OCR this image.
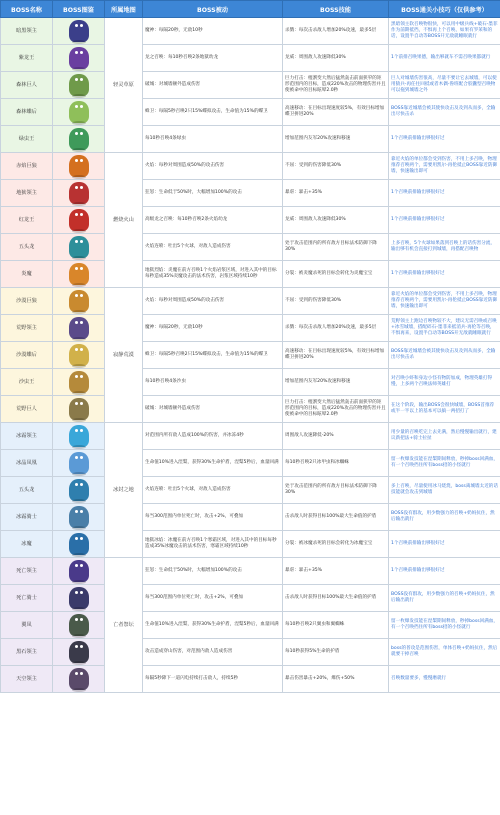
BOSS名称	BOSS图鉴	所属地图	BOSS被动	BOSS技能	BOSS通关小技巧（仅供参考）
暗黑领主		轻灵草原	魔神：每隔20秒，无敌10秒	杀戮：每次击杀敌人增加20%攻速，最多5层	黑暗领主软召唤物很快，可以用中级兵线+破石-墨菲作为前期抵挡，不惧再上个召唤、如果有罗莱和的话，设置半自动等BOSS开无敌就睡眠就行
紫龙王			龙之召唤：每10秒召唤2条地狱幼龙	龙威：周围敌人攻速降低30%	1个前排召唤果德，输出够就车不需召唤果都就行
森林巨人			破城：对城墙额外造成伤害	巨力打击：棍割变大然后猛然轰击前面狭窄的矩形范围内的目标，造成220%攻击的物理伤害并且使被命中的目标眩晕2.0秒	巨人对城墙伤害很高，尽量不要让它去城墙，可以使用猿兵-再任往回抵或者木偶-鲁班配合胶囊型召唤物可以拖到城墙之外
森林蝶后			蜂卫：每隔5秒召唤2只15%蝶拟攻击，生命值为15%的蝶卫	高速移动：在目标出现速度较5%，有效目标增加蝶卫拼进20%	BOSS靠近城墙会被其使快攻击及及到从而多，全输出尽快击杀
绿虫王			每10秒召唤4条绿虫	增加范围内友军20%攻速和移速	1个召唤前排输出够很好过
赤焰巨狼		燃烧火山	火焰：每秒对周围造成50%的攻击伤害	不屈：受到的伤害降低30%	靠近火焰的单位都会受到伤害，不用上多召唤，物理推荐召唤两个，需要用凯尔-再伦抵止BOSS靠近防御墙，快速输出即可
地狱领主			狂怒：生命低于50%时，大幅增加100%的攻击	暴虐：暴击+35%	1个召唤前排输出够很好过
红龙王			高级龙之召唤：每10秒召唤2条火焰幼龙	龙威：周围敌人攻速降低30%	1个召唤前排输出够很好过
五头龙			火焰连喷：吐出5个火球，对敌人造成伤害	处于攻击范围内的所有敌方目标法术防御下降30%	上多召唤，5个火球如果落到召唤上的话伤害分流，输出够有机会直接打到城墙，再搭配召唤物
炎魔			地狱烈焰：炎魔在前方召唤1个火焰岩浆区域，对进入其中的目标每秒造成35%炎魔攻击的法术伤害，岩浆区域持续10秒	分裂：被炎魔杀死的目标会转化为炎魔宝宝	1个召唤前排输出够很好过
沙漠巨狼		寂静荒漠	火焰：每秒对周围造成50%的攻击伤害	不屈：受到的伤害降低30%	靠近火焰的单位都会受到伤害，不用上多召唤，物理推荐召唤两个，需要用凯尔-再伦抵止BOSS靠近防御墙，快速输出即可
荒野领主			魔神：每隔20秒，无敌10秒	杀戮：每次击杀敌人增加20%攻速，最多5层	荒野领主上跑边召唤物较不大，建议无需召唤或召唤+冰雪城墙，搭配碎石-墨菲来抵消兵-再伦等召唤，不惧再来，设置半自动等BOSS开无敌就睡眠就行
沙漠蝶后			蜂卫：每隔5秒召唤2只15%蝶拟攻击，生命值为15%的蝶卫	高速移动：在目标出现速度较5%，有效目标增加蝶卫拼进20%	BOSS靠近城墙会被其使快攻击及及到从而多，全输出尽快击杀
沙虫王			每10秒召唤4条沙虫	增加范围内友军20%攻速和移速	对召唤小虾和身边小怪有物防加成，物理英雄打得慢，上多两个召唤法师英雄打
荒野巨人			破城：对城墙额外造成伤害	巨力打击：棍割变大然后猛然轰击前面狭窄的矩形范围内的目标，造成220%攻击的物理伤害并且使被命中的目标眩晕2.0秒	在这个阶段，输出BOSS会很快城墙，BOSS首推荐或半一半以上的基本可以搞一两招打了
冰霜领主		冰封之地	对范围内所有敌人造成100%的伤害，并冰冻4秒	周围敌人攻速降低-20%	用少量的召唤吃完上去先满，然后慢慢输出就行，建议新把法+骑士拉扯
冰晶凤凰			生命值10%进入涅槃，获得30%生命护盾，涅槃5秒后，血量回满	每10秒召唤2只冰甲虫和冰蜘蛛	留一枚爆发技能在涅槃期间释放，秒掉boss回满血，有一个召唤挡住所有boss招的小怪就行
五头龙			火焰连喷：吐出5个火球，对敌人造成伤害	处于攻击范围内的所有敌方目标法术防御下降30%	多上召唤，尽量使用冰马烧烧，boss离城墙太近的话技能就会攻击到城墙
冰霜骑士			每当300范围内单位死亡时，攻击+2%，可叠加	击杀敌人时获得目标100%最大生命值的护盾	BOSS没有群攻，用少数强力的召唤+奶妈抗住，然后输出就行
冰魔			地狱冰焰：冰魔在前方召唤1个寒霜区域，对进入其中的目标每秒造成35%冰魔攻击的法术伤害，寒霜区域持续10秒	分裂：被冰魔杀死的目标会转化为冰魔宝宝	1个召唤前排输出够很好过
死亡领主		亡者祭坛	狂怒：生命低于50%时，大幅增加100%的攻击	暴虐：暴击+35%	1个召唤前排输出够很好过
死亡骑士			每当300范围内单位死亡时，攻击+2%，可叠加	击杀敌人时获得目标100%最大生命值的护盾	BOSS没有群攻，用少数强力的召唤+奶妈抗住，然后输出就行
翼凤			生命值10%进入涅槃，获得30%生命护盾，涅槃5秒后，血量回满	每10秒召唤2只翼虫和翼蜘蛛	留一枚爆发技能在涅槃期间释放，秒掉boss回满血，有一个召唤挡住所有boss招的小怪就行
黑石领主			攻击造成穿山伤害，对范围内敌人造成伤害	每10秒获得5%生命的护盾	boss的普攻是范围伤害，单体召唤+奶妈抗住，然后就要干掉召唤
天空领主			每隔5秒降下一道闪电持续打击敌人，持续5秒	暴击伤害暴击+20%，爆伤+50%	召唤数量要多，慢慢磨就行
